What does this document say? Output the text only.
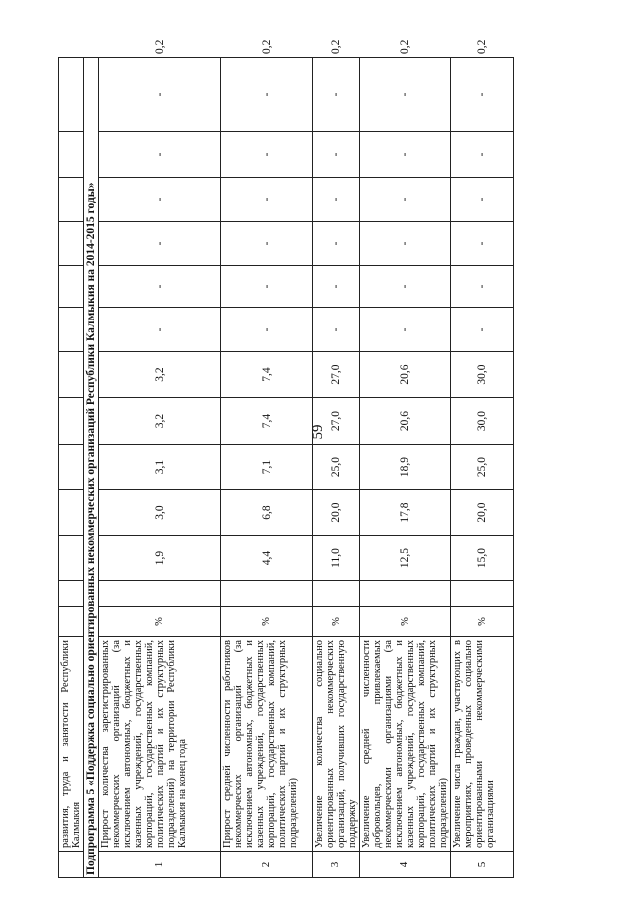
59
	развития, труда и занятости Республики Калмыкия														
Подпрограмма 5 «Поддержка социально ориентированных некоммерческих организаций Республики Калмыкия на 2014-2015 годы»															
1	Прирост количества зарегистрированных некоммерческих организаций (за исключением автономных, бюджетных и казенных учреждений, государственных корпораций, государственных компаний, политических партий и их структурных подразделений) на территории Республики Калмыкия на конец года	%		1,9	3,0	3,1	3,2	3,2	-	-	-	-	-	-	0,2
2	Прирост средней численности работников некоммерческих организаций (за исключением автономных, бюджетных и казенных учреждений, государственных корпораций, государственных компаний, политических партий и их структурных подразделений)	%		4,4	6,8	7,1	7,4	7,4	-	-	-	-	-	-	0,2
3	Увеличение количества социально ориентированных некоммерческих организаций, получивших государственную поддержку	%		11,0	20,0	25,0	27,0	27,0	-	-	-	-	-	-	0,2
4	Увеличение средней численности добровольцев, привлекаемых некоммерческими организациями (за исключением автономных, бюджетных и казенных учреждений, государственных корпораций, государственных компаний, политических партий и их структурных подразделений)	%		12,5	17,8	18,9	20,6	20,6	-	-	-	-	-	-	0,2
5	Увеличение числа граждан, участвующих в мероприятиях, проведенных социально ориентированными некоммерческими организациями	%		15,0	20,0	25,0	30,0	30,0	-	-	-	-	-	-	0,2
